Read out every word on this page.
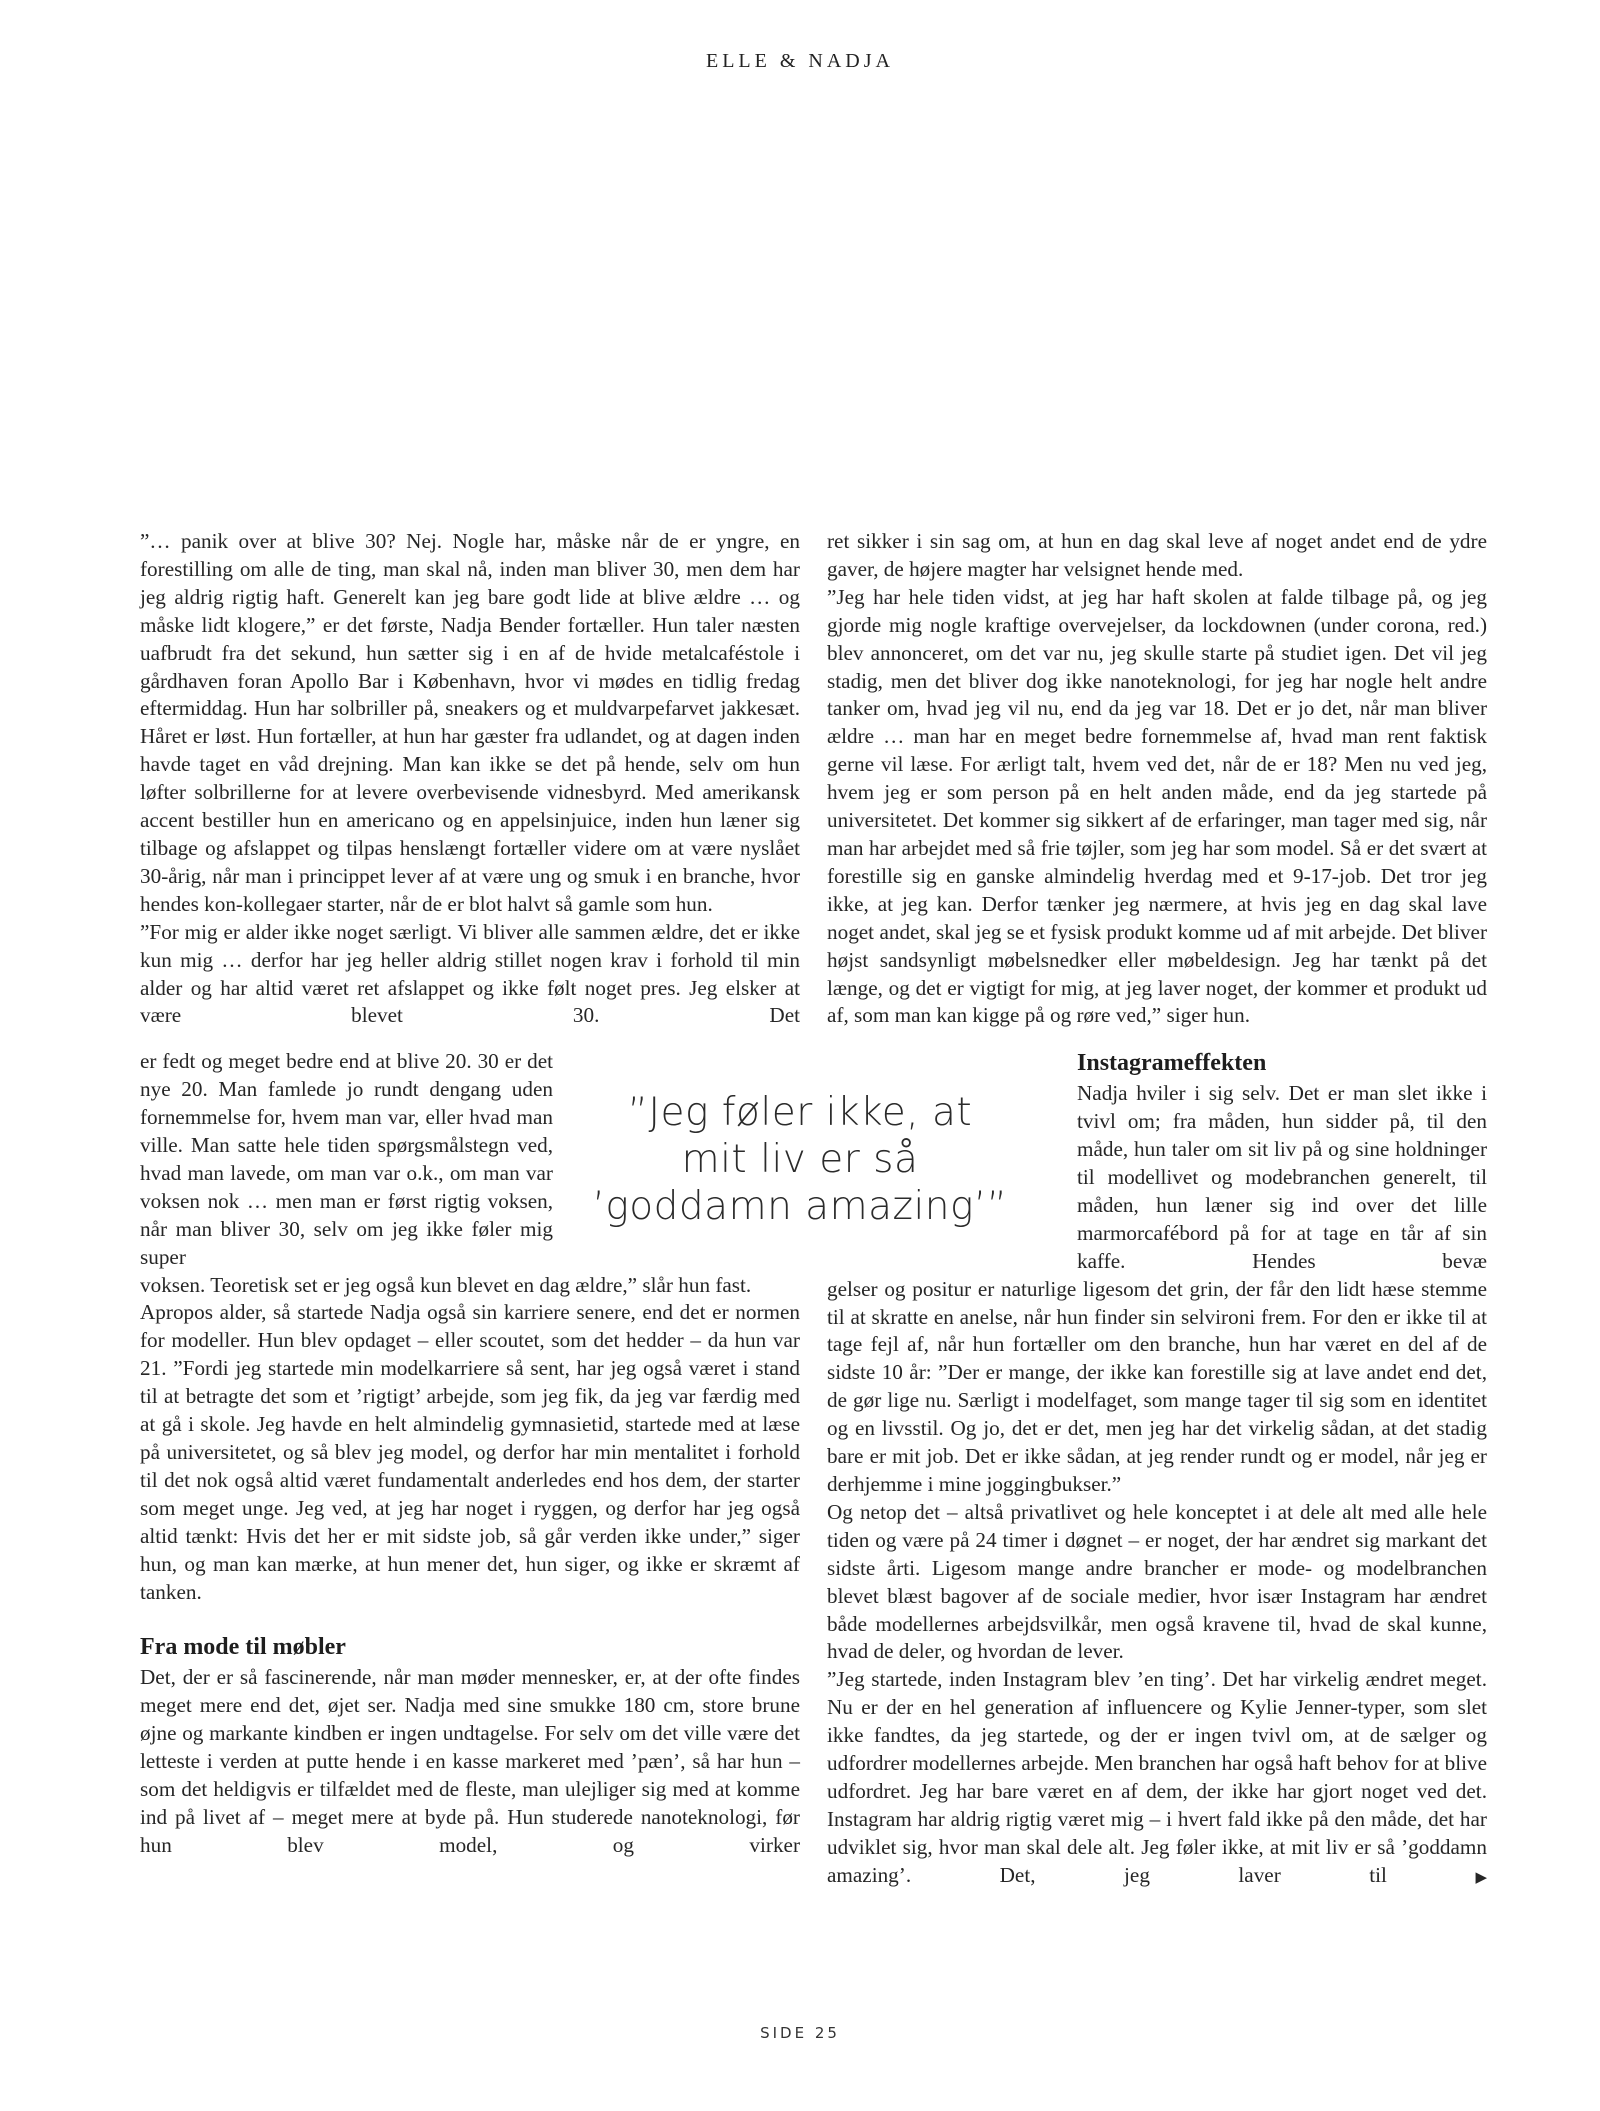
ELLE & NADJA

”… panik over at blive 30? Nej. Nogle har, måske når de er yngre, en forestilling om alle de ting, man skal nå, inden man bliver 30, men dem har jeg aldrig rigtig haft. Generelt kan jeg bare godt lide at blive ældre … og måske lidt klogere,” er det første, Nadja Bender fortæller. Hun taler næsten uafbrudt fra det sekund, hun sætter sig i en af de hvide metalcaféstole i gårdhaven foran Apollo Bar i København, hvor vi mødes en tidlig fredag eftermiddag. Hun har solbriller på, sneakers og et muldvarpefarvet jakkesæt. Håret er løst. Hun fortæller, at hun har gæster fra udlandet, og at dagen inden havde taget en våd drejning. Man kan ikke se det på hende, selv om hun løfter solbrillerne for at levere overbevisende vidnesbyrd. Med amerikansk accent bestiller hun en americano og en appelsinjuice, inden hun læner sig tilbage og afslappet og tilpas henslængt fortæller videre om at være nyslået 30-årig, når man i princippet lever af at være ung og smuk i en branche, hvor hendes kon-kollegaer starter, når de er blot halvt så gamle som hun.

”For mig er alder ikke noget særligt. Vi bliver alle sammen ældre, det er ikke kun mig … derfor har jeg heller aldrig stillet nogen krav i forhold til min alder og har altid været ret afslappet og ikke følt noget pres. Jeg elsker at være blevet 30. Det

er fedt og meget bedre end at blive 20. 30 er det nye 20. Man famlede jo rundt dengang uden fornemmelse for, hvem man var, eller hvad man ville. Man satte hele tiden spørgsmålstegn ved, hvad man lavede, om man var o.k., om man var voksen nok … men man er først rigtig voksen, når man bliver 30, selv om jeg ikke føler mig super

voksen. Teoretisk set er jeg også kun blevet en dag ældre,” slår hun fast.

Apropos alder, så startede Nadja også sin karriere senere, end det er normen for modeller. Hun blev opdaget – eller scoutet, som det hedder – da hun var 21. ”Fordi jeg startede min modelkarriere så sent, har jeg også været i stand til at betragte det som et ’rigtigt’ arbejde, som jeg fik, da jeg var færdig med at gå i skole. Jeg havde en helt almindelig gymnasietid, startede med at læse på universitetet, og så blev jeg model, og derfor har min mentalitet i forhold til det nok også altid været fundamentalt anderledes end hos dem, der starter som meget unge. Jeg ved, at jeg har noget i ryggen, og derfor har jeg også altid tænkt: Hvis det her er mit sidste job, så går verden ikke under,” siger hun, og man kan mærke, at hun mener det, hun siger, og ikke er skræmt af tanken.

Fra mode til møbler

Det, der er så fascinerende, når man møder mennesker, er, at der ofte findes meget mere end det, øjet ser. Nadja med sine smukke 180 cm, store brune øjne og markante kindben er ingen undtagelse. For selv om det ville være det letteste i verden at putte hende i en kasse markeret med ’pæn’, så har hun – som det heldigvis er tilfældet med de fleste, man ulejliger sig med at komme ind på livet af – meget mere at byde på. Hun studerede nanoteknologi, før hun blev model, og virker

”Jeg føler ikke, at
mit liv er så
’goddamn amazing’”

ret sikker i sin sag om, at hun en dag skal leve af noget andet end de ydre gaver, de højere magter har velsignet hende med.

”Jeg har hele tiden vidst, at jeg har haft skolen at falde tilbage på, og jeg gjorde mig nogle kraftige overvejelser, da lockdownen (under corona, red.) blev annonceret, om det var nu, jeg skulle starte på studiet igen. Det vil jeg stadig, men det bliver dog ikke nanoteknologi, for jeg har nogle helt andre tanker om, hvad jeg vil nu, end da jeg var 18. Det er jo det, når man bliver ældre … man har en meget bedre fornemmelse af, hvad man rent faktisk gerne vil læse. For ærligt talt, hvem ved det, når de er 18? Men nu ved jeg, hvem jeg er som person på en helt anden måde, end da jeg startede på universitetet. Det kommer sig sikkert af de erfaringer, man tager med sig, når man har arbejdet med så frie tøjler, som jeg har som model. Så er det svært at forestille sig en ganske almindelig hverdag med et 9-17-job. Det tror jeg ikke, at jeg kan. Derfor tænker jeg nærmere, at hvis jeg en dag skal lave noget andet, skal jeg se et fysisk produkt komme ud af mit arbejde. Det bliver højst sandsynligt møbelsnedker eller møbeldesign. Jeg har tænkt på det længe, og det er vigtigt for mig, at jeg laver noget, der kommer et produkt ud af, som man kan kigge på og røre ved,” siger hun.

Instagrameffekten

Nadja hviler i sig selv. Det er man slet ikke i tvivl om; fra måden, hun sidder på, til den måde, hun taler om sit liv på og sine holdninger til modellivet og modebranchen generelt, til måden, hun læner sig ind over det lille marmorcafébord på for at tage en tår af sin kaffe. Hendes bevæ

gelser og positur er naturlige ligesom det grin, der får den lidt hæse stemme til at skratte en anelse, når hun finder sin selvironi frem. For den er ikke til at tage fejl af, når hun fortæller om den branche, hun har været en del af de sidste 10 år: ”Der er mange, der ikke kan forestille sig at lave andet end det, de gør lige nu. Særligt i modelfaget, som mange tager til sig som en identitet og en livsstil. Og jo, det er det, men jeg har det virkelig sådan, at det stadig bare er mit job. Det er ikke sådan, at jeg render rundt og er model, når jeg er derhjemme i mine joggingbukser.”

Og netop det – altså privatlivet og hele konceptet i at dele alt med alle hele tiden og være på 24 timer i døgnet – er noget, der har ændret sig markant det sidste årti. Ligesom mange andre brancher er mode- og modelbranchen blevet blæst bagover af de sociale medier, hvor især Instagram har ændret både modellernes arbejdsvilkår, men også kravene til, hvad de skal kunne, hvad de deler, og hvordan de lever.

”Jeg startede, inden Instagram blev ’en ting’. Det har virkelig ændret meget. Nu er der en hel generation af influencere og Kylie Jenner-typer, som slet ikke fandtes, da jeg startede, og der er ingen tvivl om, at de sælger og udfordrer modellernes arbejde. Men branchen har også haft behov for at blive udfordret. Jeg har bare været en af dem, der ikke har gjort noget ved det. Instagram har aldrig rigtig været mig – i hvert fald ikke på den måde, det har udviklet sig, hvor man skal dele alt. Jeg føler ikke, at mit liv er så ’goddamn amazing’. Det, jeg laver til	▶

SIDE 25
